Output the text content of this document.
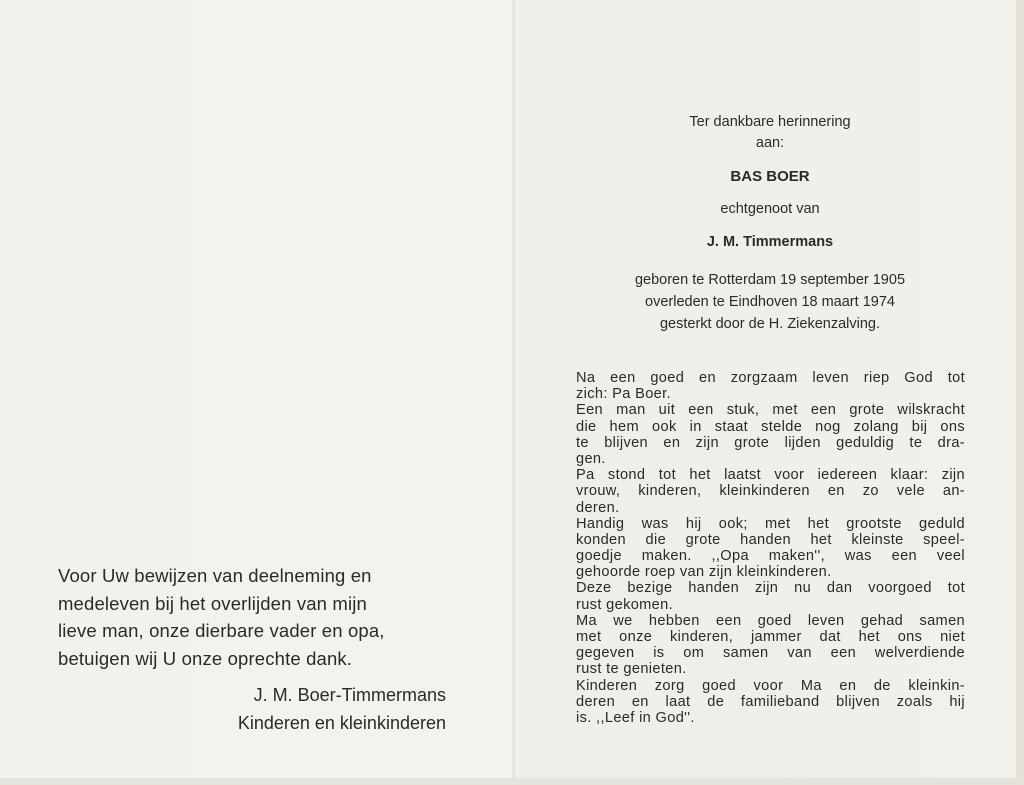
Voor Uw bewijzen van deelneming en

medeleven bij het overlijden van mijn

lieve man, onze dierbare vader en opa,

betuigen wij U onze oprechte dank.

J. M. Boer-Timmermans
Kinderen en kleinkinderen
Ter dankbare herinnering
aan:
BAS BOER
echtgenoot van
J. M. Timmermans
geboren te Rotterdam 19 september 1905
overleden te Eindhoven 18 maart 1974
gesterkt door de H. Ziekenzalving.
Na een goed en zorgzaam leven riep God tot
zich: Pa Boer.
Een man uit een stuk, met een grote wilskracht
die hem ook in staat stelde nog zolang bij ons
te blijven en zijn grote lijden geduldig te dra-
gen.
Pa stond tot het laatst voor iedereen klaar: zijn
vrouw, kinderen, kleinkinderen en zo vele an-
deren.
Handig was hij ook; met het grootste geduld
konden die grote handen het kleinste speel-
goedje maken. ,,Opa maken'', was een veel
gehoorde roep van zijn kleinkinderen.
Deze bezige handen zijn nu dan voorgoed tot
rust gekomen.
Ma we hebben een goed leven gehad samen
met onze kinderen, jammer dat het ons niet
gegeven is om samen van een welverdiende
rust te genieten.
Kinderen zorg goed voor Ma en de kleinkin-
deren en laat de familieband blijven zoals hij
is. ,,Leef in God''.
